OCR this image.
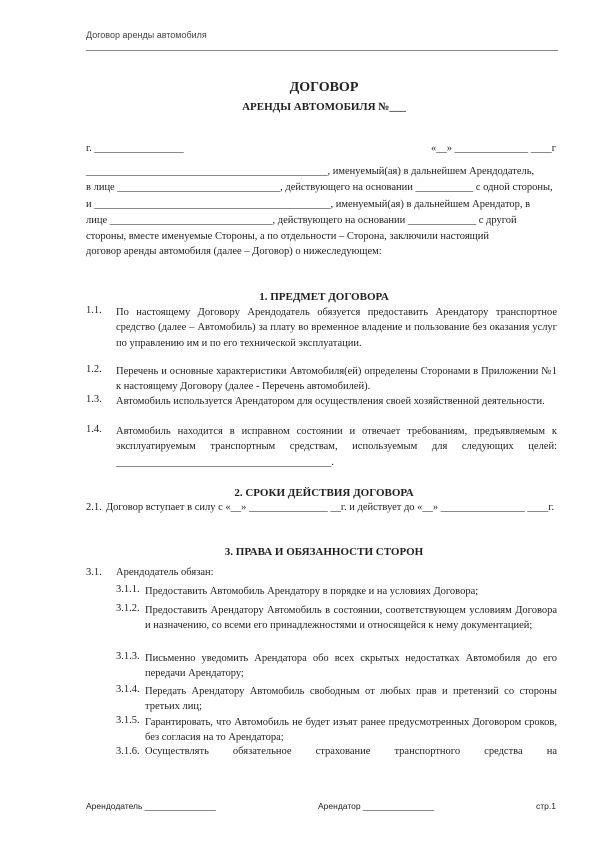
Договор аренды автомобиля
ДОГОВОР
АРЕНДЫ АВТОМОБИЛЯ №___
г. _________________	«__» ______________ ____г
______________________________________________, именуемый(ая) в дальнейшем Арендодатель,
в лице _______________________________, действующего на основании ___________ с одной стороны,
и _____________________________________________, именуемый(ая) в дальнейшем Арендатор, в
лице _______________________________, действующего на основании _____________ с другой
стороны, вместе именуемые Стороны, а по отдельности – Сторона, заключили настоящий
договор аренды автомобиля (далее – Договор) о нижеследующем:
1. ПРЕДМЕТ ДОГОВОРА
1.1. По настоящему Договору Арендодатель обязуется предоставить Арендатору транспортное средство (далее – Автомобиль) за плату во временное владение и пользование без оказания услуг по управлению им и по его технической эксплуатации.
1.2. Перечень и основные характеристики Автомобиля(ей) определены Сторонами в Приложении №1 к настоящему Договору (далее - Перечень автомобилей).
1.3. Автомобиль используется Арендатором для осуществления своей хозяйственной деятельности.
1.4. Автомобиль находится в исправном состоянии и отвечает требованиям, предъявляемым к эксплуатируемым транспортным средствам, используемым для следующих целей: _________________________________________.
2. СРОКИ ДЕЙСТВИЯ ДОГОВОРА
2.1. Договор вступает в силу с «__» _______________ __г. и действует до «__» ________________ ____г.
3. ПРАВА И ОБЯЗАННОСТИ СТОРОН
3.1. Арендодатель обязан:
3.1.1. Предоставить Автомобиль Арендатору в порядке и на условиях Договора;
3.1.2. Предоставить Арендатору Автомобиль в состоянии, соответствующем условиям Договора и назначению, со всеми его принадлежностями и относящейся к нему документацией;
3.1.3. Письменно уведомить Арендатора обо всех скрытых недостатках Автомобиля до его передачи Арендатору;
3.1.4. Передать Арендатору Автомобиль свободным от любых прав и претензий со стороны третьих лиц;
3.1.5. Гарантировать, что Автомобиль не будет изъят ранее предусмотренных Договором сроков, без согласия на то Арендатора;
3.1.6. Осуществлять обязательное страхование транспортного средства на
Арендодатель _______________	Арендатор _______________	стр.1
